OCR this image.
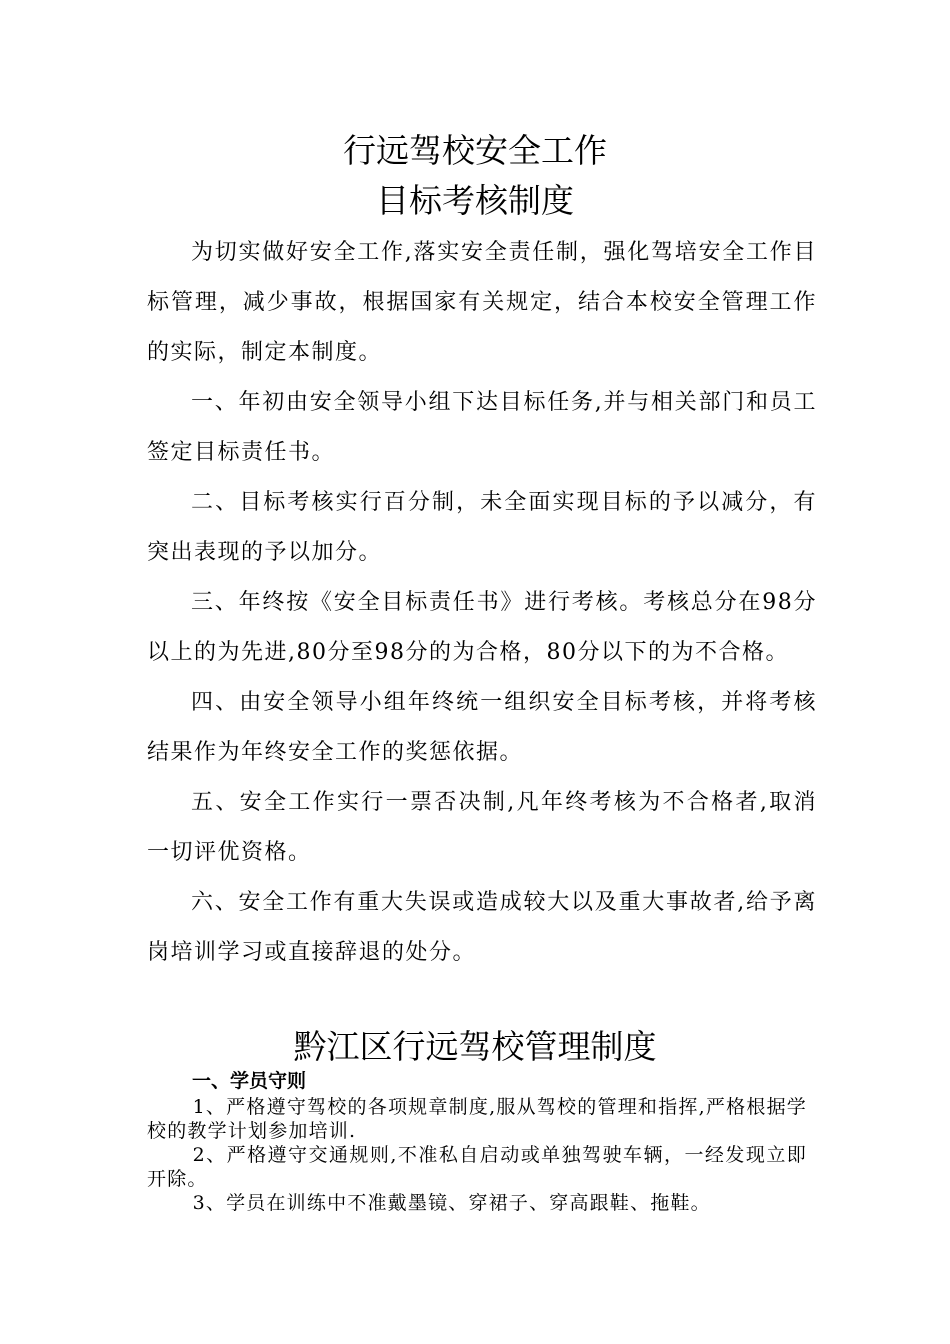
行远驾校安全工作
目标考核制度

为切实做好安全工作,落实安全责任制，强化驾培安全工作目标管理，减少事故，根据国家有关规定，结合本校安全管理工作的实际，制定本制度。

一、年初由安全领导小组下达目标任务,并与相关部门和员工签定目标责任书。

二、目标考核实行百分制，未全面实现目标的予以减分，有突出表现的予以加分。

三、年终按《安全目标责任书》进行考核。考核总分在98分以上的为先进,80分至98分的为合格，80分以下的为不合格。

四、由安全领导小组年终统一组织安全目标考核，并将考核结果作为年终安全工作的奖惩依据。

五、安全工作实行一票否决制,凡年终考核为不合格者,取消一切评优资格。

六、安全工作有重大失误或造成较大以及重大事故者,给予离岗培训学习或直接辞退的处分。

黔江区行远驾校管理制度
一、学员守则

1、严格遵守驾校的各项规章制度,服从驾校的管理和指挥,严格根据学校的教学计划参加培训.

2、严格遵守交通规则,不准私自启动或单独驾驶车辆，一经发现立即开除。

3、学员在训练中不准戴墨镜、穿裙子、穿高跟鞋、拖鞋。
